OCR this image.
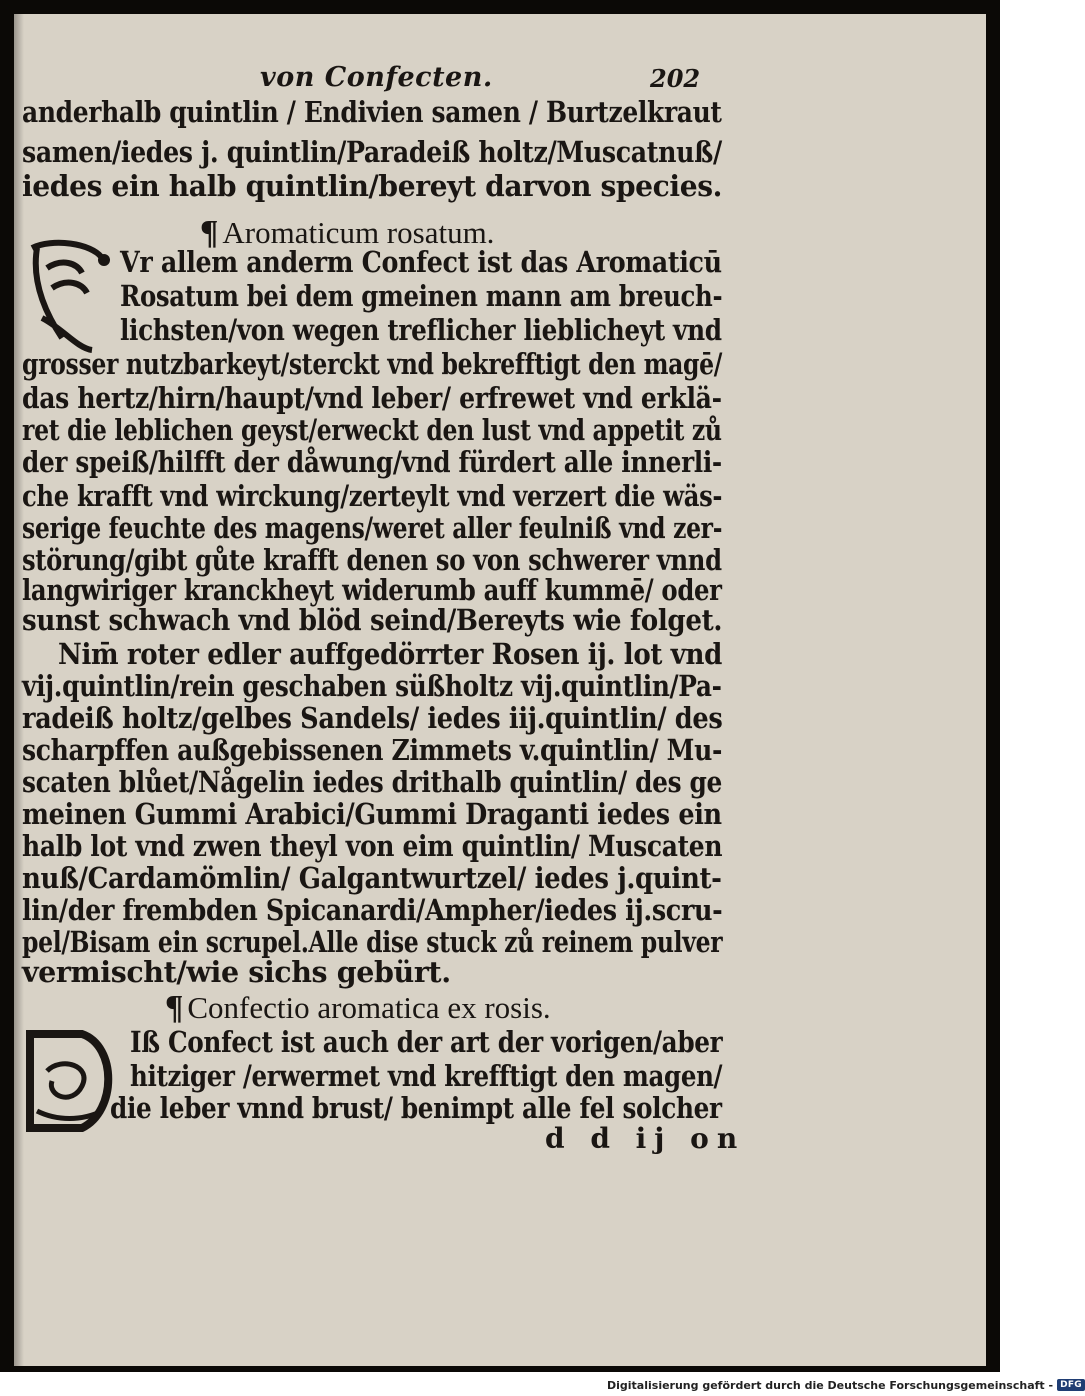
von Confecten.	202
anderhalb quintlin / Endivien samen / Burtzelkraut
samen/iedes j. quintlin/Paradeiß holtz/Muscatnuß/
iedes ein halb quintlin/bereyt darvon species.
¶ Aromaticum rosatum.
Vr allem anderm Confect ist das Aromaticū
Rosatum bei dem gmeinen mann am breuch-
lichsten/von wegen treflicher lieblicheyt vnd
grosser nutzbarkeyt/sterckt vnd bekrefftigt den magē/
das hertz/hirn/haupt/vnd leber/ erfrewet vnd erklä-
ret die leblichen geyst/erweckt den lust vnd appetit zů
der speiß/hilfft der dåwung/vnd fürdert alle innerli-
che krafft vnd wirckung/zerteylt vnd verzert die wäs-
serige feuchte des magens/weret aller feulniß vnd zer-
störung/gibt gůte krafft denen so von schwerer vnnd
langwiriger kranckheyt widerumb auff kummē/ oder
sunst schwach vnd blöd seind/Bereyts wie folget.
Nim̄ roter edler auffgedörrter Rosen ij. lot vnd
vij.quintlin/rein geschaben süßholtz vij.quintlin/Pa-
radeiß holtz/gelbes Sandels/ iedes iij.quintlin/ des
scharpffen außgebissenen Zimmets v.quintlin/ Mu-
scaten blůet/Någelin iedes drithalb quintlin/ des ge
meinen Gummi Arabici/Gummi Draganti iedes ein
halb lot vnd zwen theyl von eim quintlin/ Muscaten
nuß/Cardamömlin/ Galgantwurtzel/ iedes j.quint-
lin/der frembden Spicanardi/Ampher/iedes ij.scru-
pel/Bisam ein scrupel.Alle dise stuck zů reinem pulver
vermischt/wie sichs gebürt.
¶ Confectio aromatica ex rosis.
Iß Confect ist auch der art der vorigen/aber
hitziger /erwermet vnd krefftigt den magen/
die leber vnnd brust/ benimpt alle fel solcher
d d ij on
Digitalisierung gefördert durch die Deutsche Forschungsgemeinschaft - DFG
